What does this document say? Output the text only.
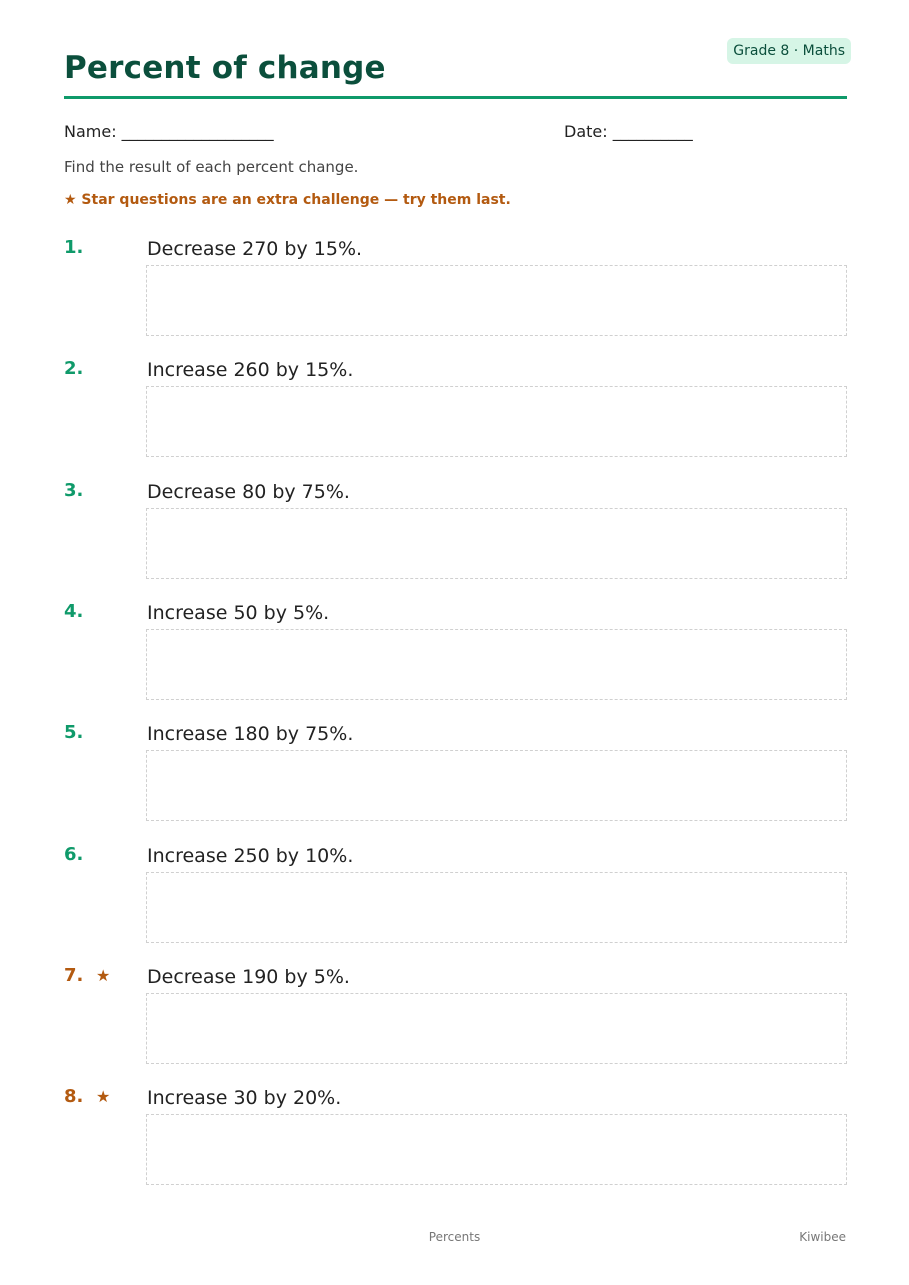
Percent of change	Grade 8 · Maths
Name: ___________________	Date: __________
Find the result of each percent change.
★ Star questions are an extra challenge — try them last.
1.	Decrease 270 by 15%.
2.	Increase 260 by 15%.
3.	Decrease 80 by 75%.
4.	Increase 50 by 5%.
5.	Increase 180 by 75%.
6.	Increase 250 by 10%.
7. ★ Decrease 190 by 5%.
8. ★ Increase 30 by 20%.
Percents	Kiwibee
